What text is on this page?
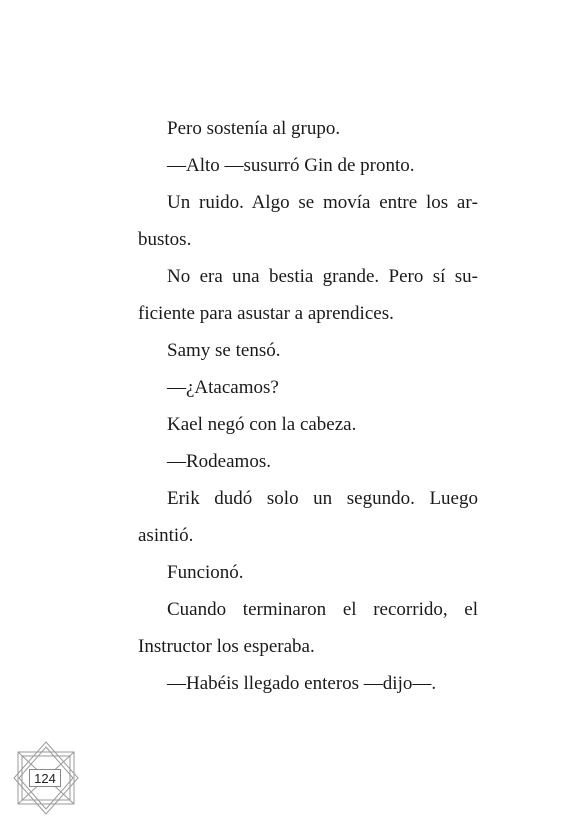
Pero sostenía al grupo.

—Alto —susurró Gin de pronto.

Un ruido. Algo se movía entre los arbustos.

No era una bestia grande. Pero sí suficiente para asustar a aprendices.

Samy se tensó.

—¿Atacamos?

Kael negó con la cabeza.

—Rodeamos.

Erik dudó solo un segundo. Luego asintió.

Funcionó.

Cuando terminaron el recorrido, el Instructor los esperaba.

—Habéis llegado enteros —dijo—.

124
